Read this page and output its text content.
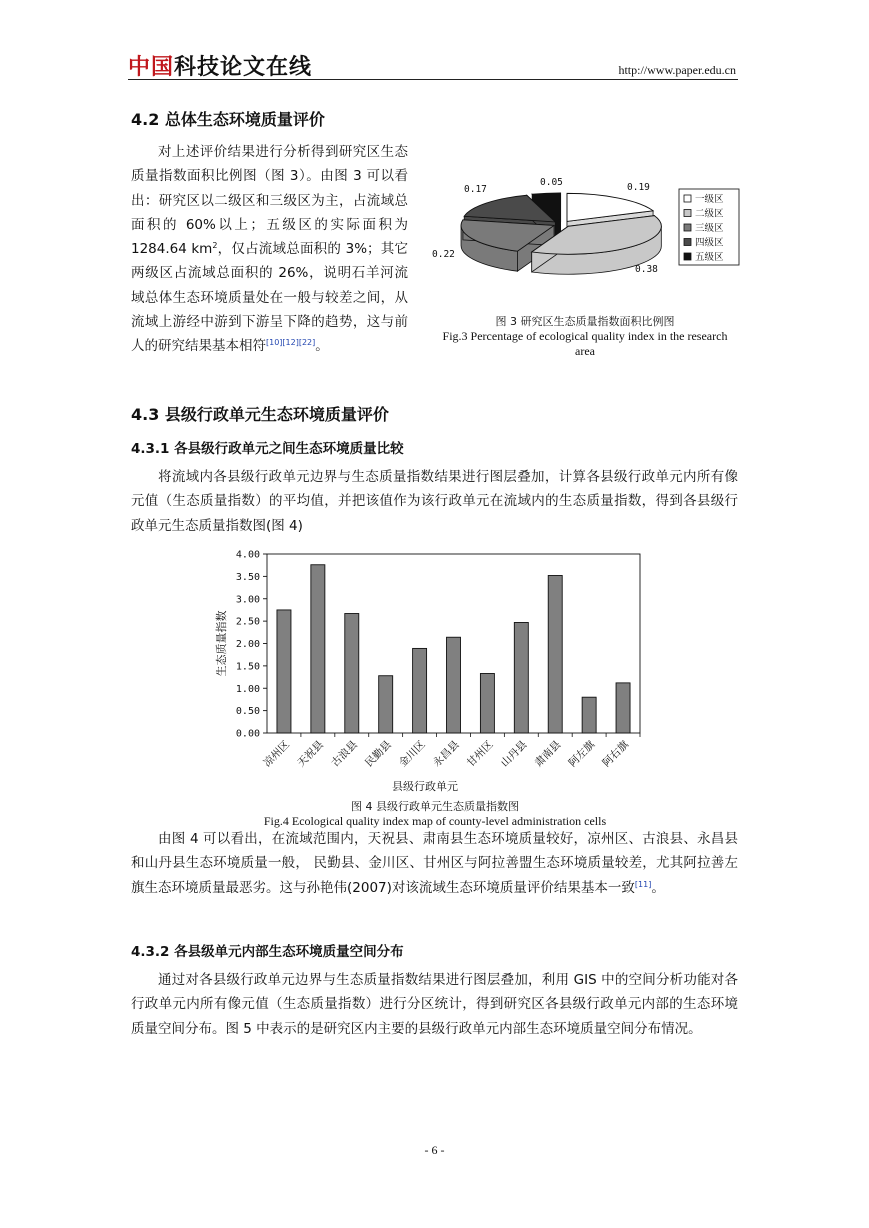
中国科技论文在线	http://www.paper.edu.cn
4.2 总体生态环境质量评价

对上述评价结果进行分析得到研究区生态质量指数面积比例图（图 3）。由图 3 可以看出：研究区以二级区和三级区为主，占流域总面积的 60%以上；五级区的实际面积为 1284.64 $km^2$，仅占流域总面积的 3%；其它两级区占流域总面积的 26%，说明石羊河流域总体生态环境质量处在一般与较差之间，从流域上游经中游到下游呈下降的趋势，这与前人的研究结果基本相符[10][12][22]。

0.19
0.38
0.22
0.17
0.05
一级区
二级区
三级区
四级区
五级区
图 3 研究区生态质量指数面积比例图
Fig.3 Percentage of ecological quality index in the research area
4.3 县级行政单元生态环境质量评价
4.3.1 各县级行政单元之间生态环境质量比较

将流域内各县级行政单元边界与生态质量指数结果进行图层叠加，计算各县级行政单元内所有像元值（生态质量指数）的平均值，并把该值作为该行政单元在流域内的生态质量指数，得到各县级行政单元生态质量指数图(图 4)

0.00
0.50
1.00
1.50
2.00
2.50
3.00
3.50
4.00
凉州区 天祝县 古浪县 民勤县 金川区 永昌县 甘州区 山丹县 肃南县 阿左旗 阿右旗
生态质量指数
县级行政单元
图 4 县级行政单元生态质量指数图
Fig.4 Ecological quality index map of county-level administration cells

由图 4 可以看出，在流域范围内，天祝县、肃南县生态环境质量较好，凉州区、古浪县、永昌县和山丹县生态环境质量一般， 民勤县、金川区、甘州区与阿拉善盟生态环境质量较差，尤其阿拉善左旗生态环境质量最恶劣。这与孙艳伟(2007)对该流域生态环境质量评价结果基本一致[11]。

4.3.2 各县级单元内部生态环境质量空间分布

通过对各县级行政单元边界与生态质量指数结果进行图层叠加，利用 GIS 中的空间分析功能对各行政单元内所有像元值（生态质量指数）进行分区统计，得到研究区各县级行政单元内部的生态环境质量空间分布。图 5 中表示的是研究区内主要的县级行政单元内部生态环境质量空间分布情况。

- 6 -
